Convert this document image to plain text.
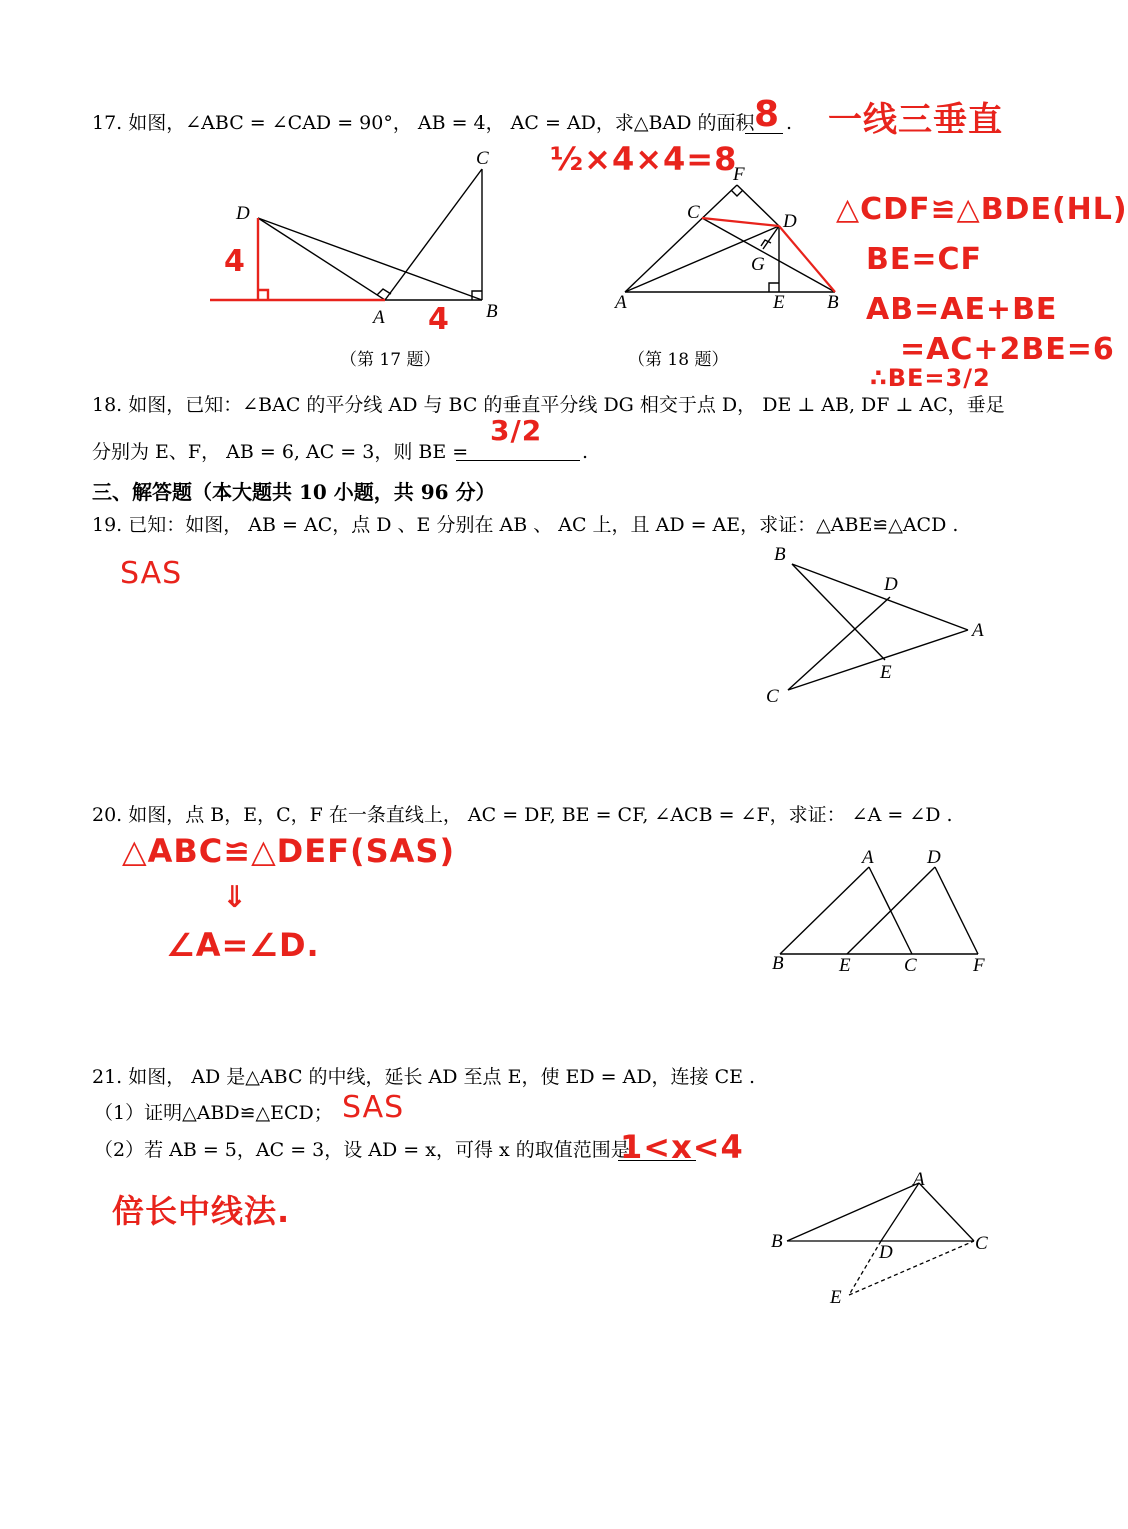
17. 如图，∠ABC = ∠CAD = 90°， AB = 4， AC = AD，求△BAD 的面积 .
8 一线三垂直
½×4×4=8
D
C
A	B
4
4
（第 17 题）
A	B
C	D
E
F
G
（第 18 题）
△CDF≌△BDE(HL)
BE=CF
AB=AE+BE
=AC+2BE=6
∴BE=3/2
18. 如图，已知：∠BAC 的平分线 AD 与 BC 的垂直平分线 DG 相交于点 D， DE ⊥ AB, DF ⊥ AC，垂足
分别为 E、F， AB = 6, AC = 3，则 BE =	.
3/2
三、解答题（本大题共 10 小题，共 96 分）
19. 已知：如图， AB = AC，点 D 、E 分别在 AB 、 AC 上，且 AD = AE，求证：△ABE≌△ACD .
SAS
B
D
A
E
C
20. 如图，点 B，E，C，F 在一条直线上， AC = DF, BE = CF, ∠ACB = ∠F，求证： ∠A = ∠D .
△ABC≌△DEF(SAS)
⇓
∠A=∠D.
A	D
B	E	C	F
21. 如图， AD 是△ABC 的中线，延长 AD 至点 E，使 ED = AD，连接 CE .
（1）证明△ABD≌△ECD； SAS
（2）若 AB = 5，AC = 3，设 AD = x，可得 x 的取值范围是
1<x<4
倍长中线法.
A
B	C
D
E
